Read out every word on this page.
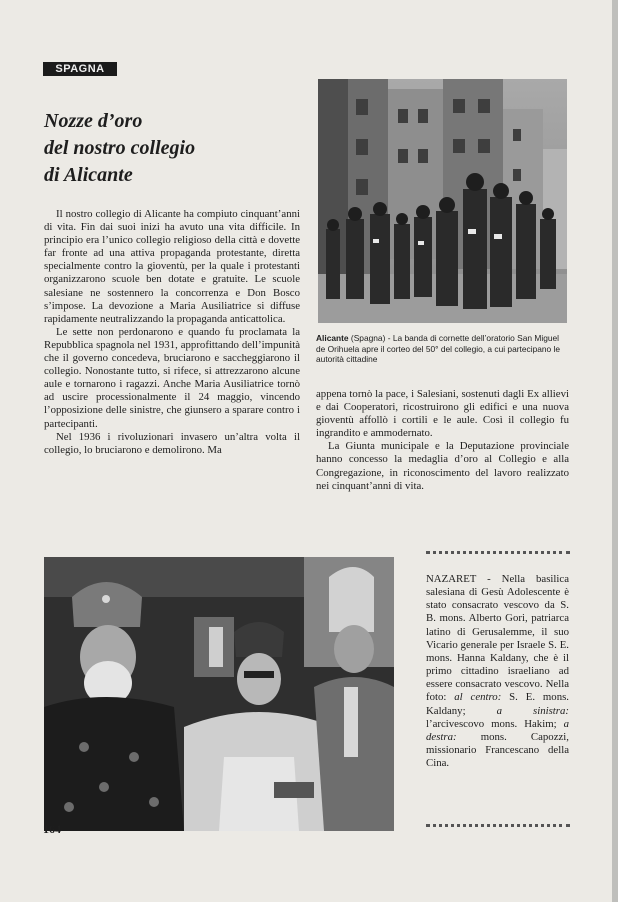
SPAGNA
Nozze d’oro
del nostro collegio
di Alicante

Il nostro collegio di Alicante ha compiuto cinquant’anni di vita. Fin dai suoi inizi ha avuto una vita difficile. In principio era l’unico collegio religioso della città e dovette far fronte ad una attiva propaganda protestante, diretta specialmente contro la gioventù, per la quale i protestanti organizzarono scuole ben dotate e gratuite. Le scuole salesiane ne sostennero la concorrenza e Don Bosco s’impose. La devozione a Maria Ausiliatrice si diffuse rapidamente neutralizzando la propaganda anticattolica.

Le sette non perdonarono e quando fu proclamata la Repubblica spagnola nel 1931, approfittando dell’impunità che il governo concedeva, bruciarono e saccheggiarono il collegio. Nonostante tutto, si rifece, si attrezzarono alcune aule e tornarono i ragazzi. Anche Maria Ausiliatrice tornò ad uscire processionalmente il 24 maggio, vincendo l’opposizione delle sinistre, che giunsero a sparare contro i partecipanti.

Nel 1936 i rivoluzionari invasero un’altra volta il collegio, lo bruciarono e demolirono. Ma

Alicante (Spagna) - La banda di cornette dell’oratorio San Miguel de Orihuela apre il corteo del 50° del collegio, a cui partecipano le autorità cittadine

appena tornò la pace, i Salesiani, sostenuti dagli Ex allievi e dai Cooperatori, ricostruirono gli edifici e una nuova gioventù affollò i cortili e le aule. Così il collegio fu ingrandito e ammodernato.

La Giunta municipale e la Deputazione provinciale hanno concesso la medaglia d’oro al Collegio e alla Congregazione, in riconoscimento del lavoro realizzato nei cinquant’anni di vita.

NAZARET - Nella basilica salesiana di Gesù Adolescente è stato consacrato vescovo da S. B. mons. Alberto Gori, patriarca latino di Gerusalemme, il suo Vicario generale per Israele S. E. mons. Hanna Kaldany, che è il primo cittadino israeliano ad essere consacrato vescovo. Nella foto: al centro: S. E. mons. Kaldany; a sinistra: l’arcivescovo mons. Hakim; a destra: mons. Capozzi, missionario Francescano della Cina.
164
